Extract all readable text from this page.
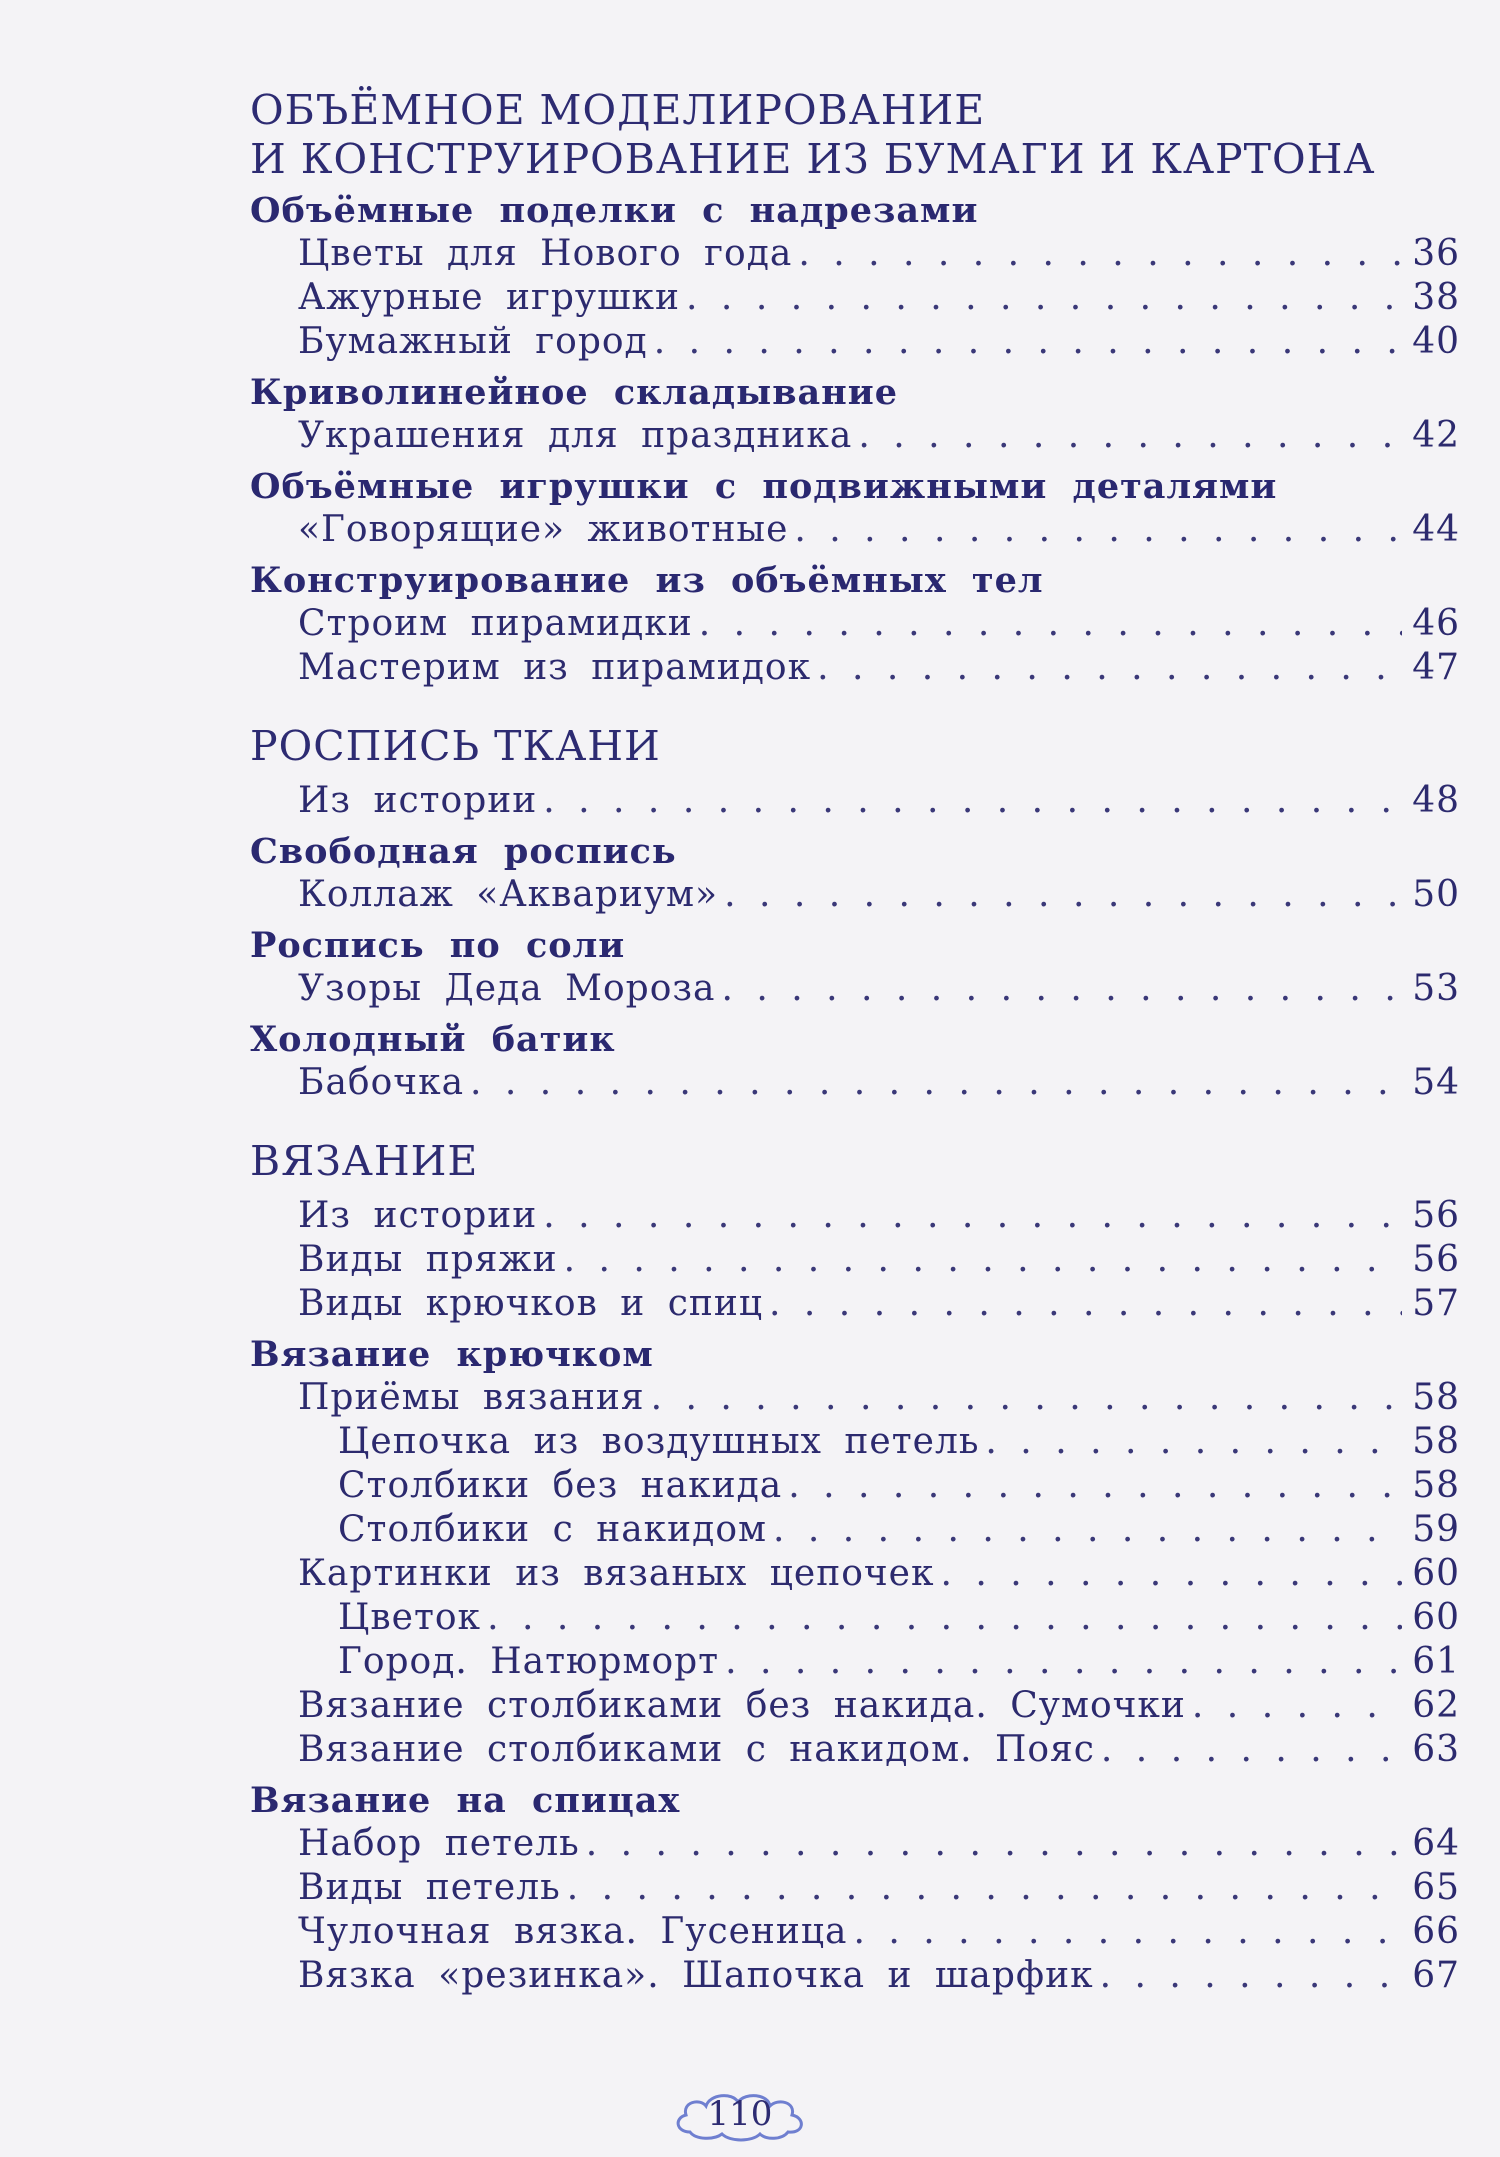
ОБЪЁМНОЕ МОДЕЛИРОВАНИЕ
И КОНСТРУИРОВАНИЕ ИЗ БУМАГИ И КАРТОНА
Объёмные поделки с надрезами
Цветы для Нового года . . .	36
Ажурные игрушки . . .	38
Бумажный город . . .	40
Криволинейное складывание
Украшения для праздника . . .	42
Объёмные игрушки с подвижными деталями
«Говорящие» животные . . .	44
Конструирование из объёмных тел
Строим пирамидки . . .	46
Мастерим из пирамидок . . .	47
РОСПИСЬ ТКАНИ
Из истории . . .	48
Свободная роспись
Коллаж «Аквариум» . . .	50
Роспись по соли
Узоры Деда Мороза . . .	53
Холодный батик
Бабочка . . .	54
ВЯЗАНИЕ
Из истории . . .	56
Виды пряжи . . .	56
Виды крючков и спиц . . .	57
Вязание крючком
Приёмы вязания . . .	58
Цепочка из воздушных петель . . .	58
Столбики без накида . . .	58
Столбики с накидом . . .	59
Картинки из вязаных цепочек . . .	60
Цветок . . .	60
Город. Натюрморт . . .	61
Вязание столбиками без накида. Сумочки . . .	62
Вязание столбиками с накидом. Пояс . . .	63
Вязание на спицах
Набор петель . . .	64
Виды петель . . .	65
Чулочная вязка. Гусеница . . .	66
Вязка «резинка». Шапочка и шарфик . . .	67
110
